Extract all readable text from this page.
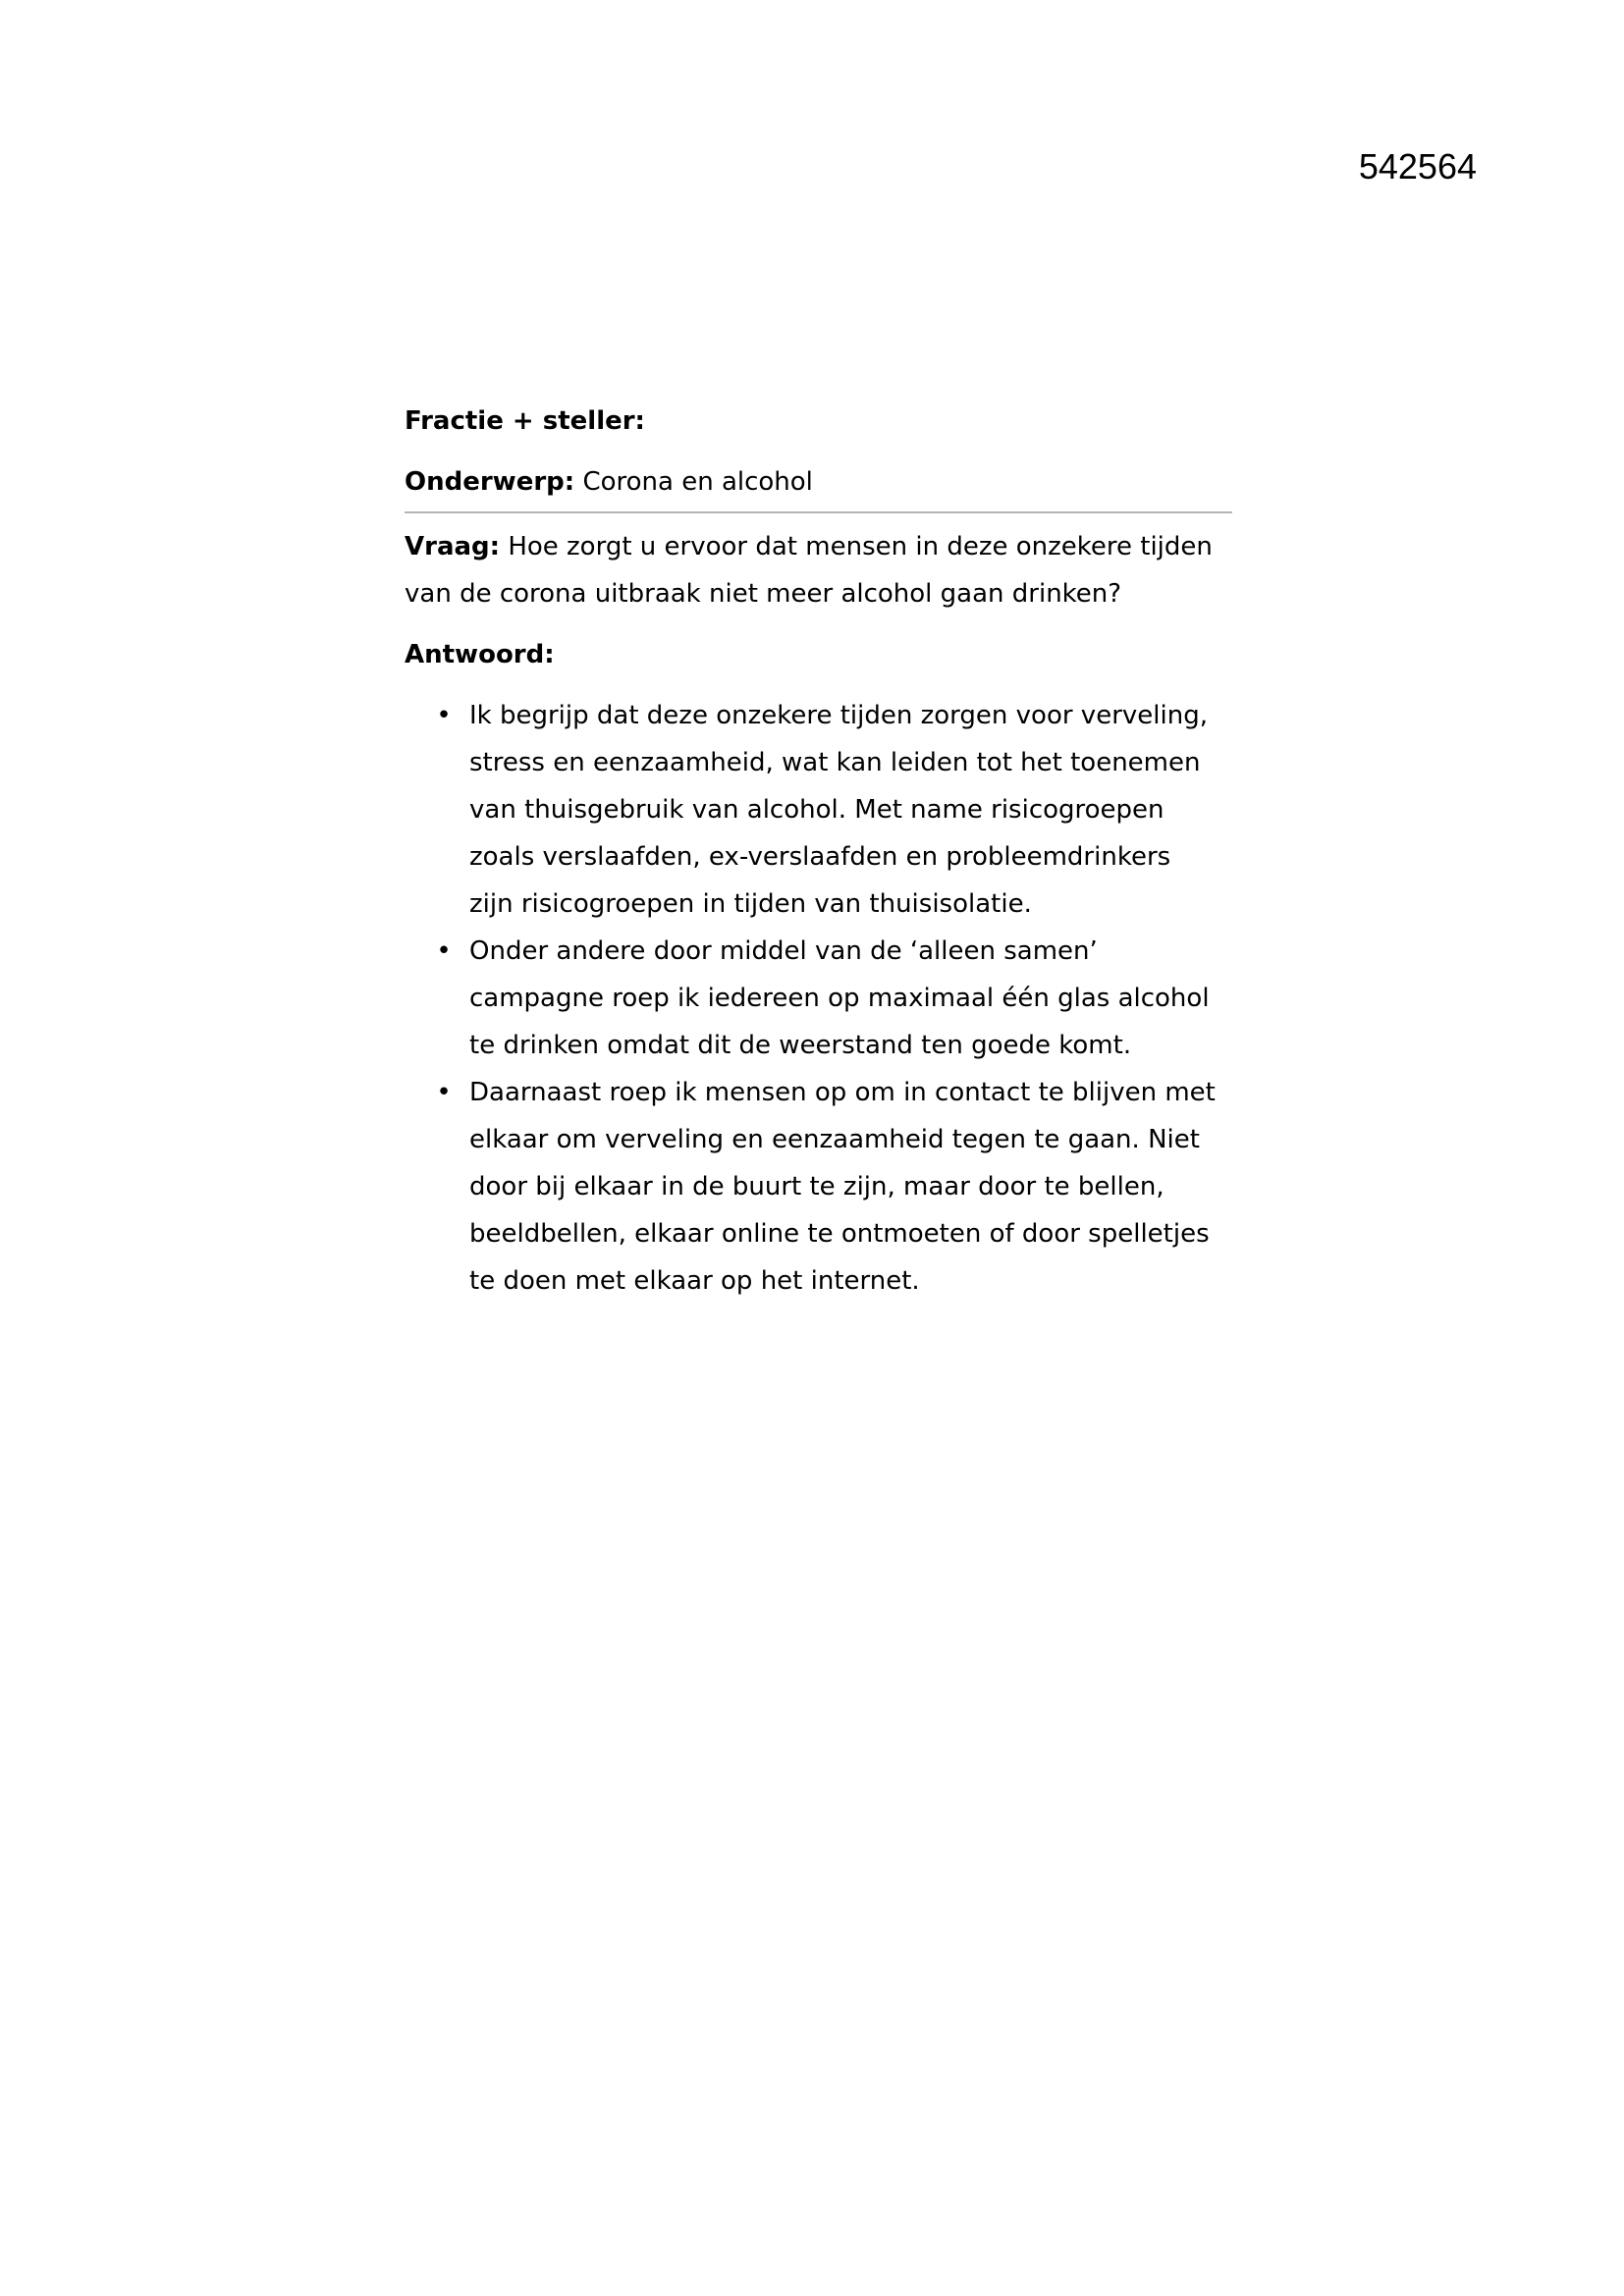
542564

Fractie + steller:

Onderwerp: Corona en alcohol

Vraag: Hoe zorgt u ervoor dat mensen in deze onzekere tijden van de corona uitbraak niet meer alcohol gaan drinken?

Antwoord:

• Ik begrijp dat deze onzekere tijden zorgen voor verveling,
stress en eenzaamheid, wat kan leiden tot het toenemen
van thuisgebruik van alcohol. Met name risicogroepen
zoals verslaafden, ex-verslaafden en probleemdrinkers
zijn risicogroepen in tijden van thuisisolatie.
• Onder andere door middel van de ‘alleen samen’
campagne roep ik iedereen op maximaal één glas alcohol
te drinken omdat dit de weerstand ten goede komt.
• Daarnaast roep ik mensen op om in contact te blijven met
elkaar om verveling en eenzaamheid tegen te gaan. Niet
door bij elkaar in de buurt te zijn, maar door te bellen,
beeldbellen, elkaar online te ontmoeten of door spelletjes
te doen met elkaar op het internet.
